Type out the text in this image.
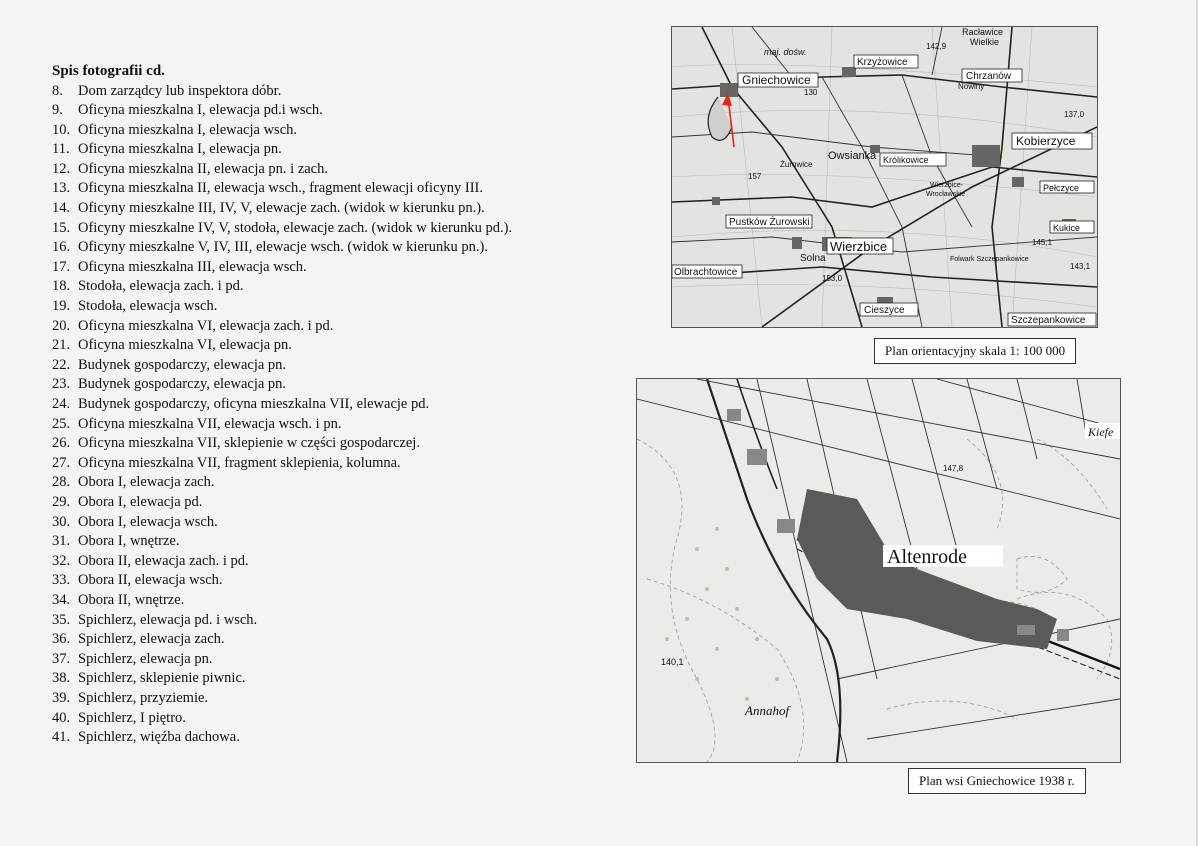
Spis fotografii cd.

8. Dom zarządcy lub inspektora dóbr.
9. Oficyna mieszkalna I, elewacja pd.i wsch.
10. Oficyna mieszkalna I, elewacja wsch.
11. Oficyna mieszkalna I, elewacja pn.
12. Oficyna mieszkalna II, elewacja pn. i zach.
13. Oficyna mieszkalna II, elewacja wsch., fragment elewacji oficyny III.
14. Oficyny mieszkalne III, IV, V, elewacje zach. (widok w kierunku pn.).
15. Oficyny mieszkalne IV, V, stodoła, elewacje zach. (widok w kierunku pd.).
16. Oficyny mieszkalne V, IV, III, elewacje wsch. (widok w kierunku pn.).
17. Oficyna mieszkalna III, elewacja wsch.
18. Stodoła, elewacja zach. i pd.
19. Stodoła, elewacja wsch.
20. Oficyna mieszkalna VI, elewacja zach. i pd.
21. Oficyna mieszkalna VI, elewacja pn.
22. Budynek gospodarczy, elewacja pn.
23. Budynek gospodarczy, elewacja pn.
24. Budynek gospodarczy, oficyna mieszkalna VII, elewacje pd.
25. Oficyna mieszkalna VII, elewacja wsch. i pn.
26. Oficyna mieszkalna VII, sklepienie w części gospodarczej.
27. Oficyna mieszkalna VII, fragment sklepienia, kolumna.
28. Obora I, elewacja zach.
29. Obora I, elewacja pd.
30. Obora I, elewacja wsch.
31. Obora I, wnętrze.
32. Obora II, elewacja zach. i pd.
33. Obora II, elewacja wsch.
34. Obora II, wnętrze.
35. Spichlerz, elewacja pd. i wsch.
36. Spichlerz, elewacja zach.
37. Spichlerz, elewacja pn.
38. Spichlerz, sklepienie piwnic.
39. Spichlerz, przyziemie.
40. Spichlerz, I piętro.
41. Spichlerz, więźba dachowa.
Gniechowice
Krzyżowice
Racławice
Wielkie
Chrzanów
Nowiny
Kobierzyce
Owsianka Królikowice
Żurowice
Pełczyce
Wierzbice-
Wrocławskie
Pustków Żurowski
Wierzbice
Kukice
Olbrachtowice
Solna	Folwark Szczepankowice
Cieszyce
Szczepankowice
maj. dośw.
130
157
153,0
137,0
145,1
143,1
142,9
Plan orientacyjny skala 1: 100 000
Altenrode
Annahof
Kiefe
140,1
147,8
Plan wsi Gniechowice 1938 r.
